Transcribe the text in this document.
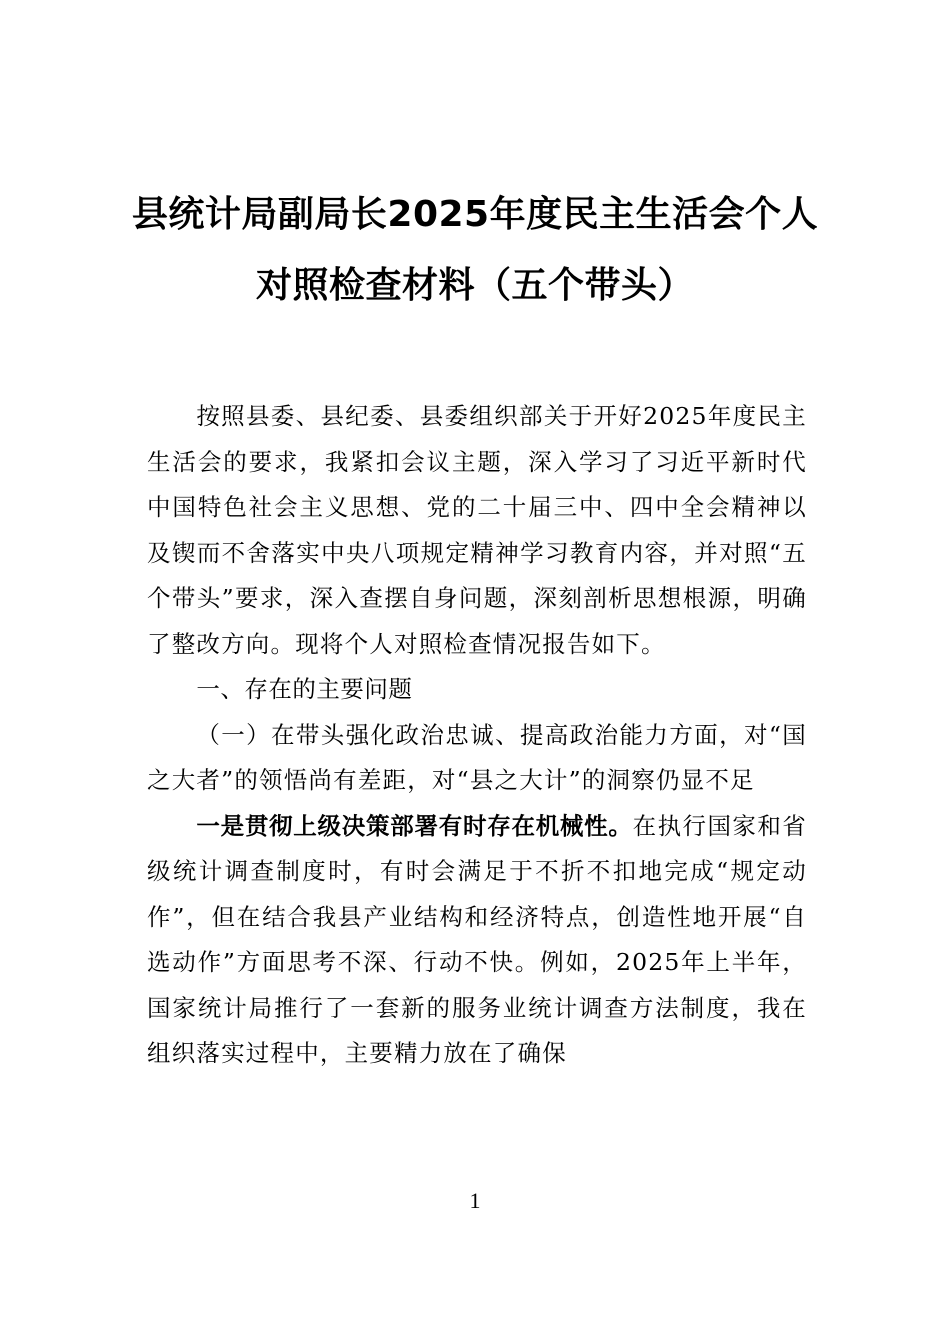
县统计局副局长2025年度民主生活会个人
对照检查材料（五个带头）

按照县委、县纪委、县委组织部关于开好2025年度民主生活会的要求，我紧扣会议主题，深入学习了习近平新时代中国特色社会主义思想、党的二十届三中、四中全会精神以及锲而不舍落实中央八项规定精神学习教育内容，并对照“五个带头”要求，深入查摆自身问题，深刻剖析思想根源，明确了整改方向。现将个人对照检查情况报告如下。

一、存在的主要问题

（一）在带头强化政治忠诚、提高政治能力方面，对“国之大者”的领悟尚有差距，对“县之大计”的洞察仍显不足

一是贯彻上级决策部署有时存在机械性。在执行国家和省级统计调查制度时，有时会满足于不折不扣地完成“规定动作”，但在结合我县产业结构和经济特点，创造性地开展“自选动作”方面思考不深、行动不快。例如，2025年上半年，国家统计局推行了一套新的服务业统计调查方法制度，我在组织落实过程中，主要精力放在了确保

1
